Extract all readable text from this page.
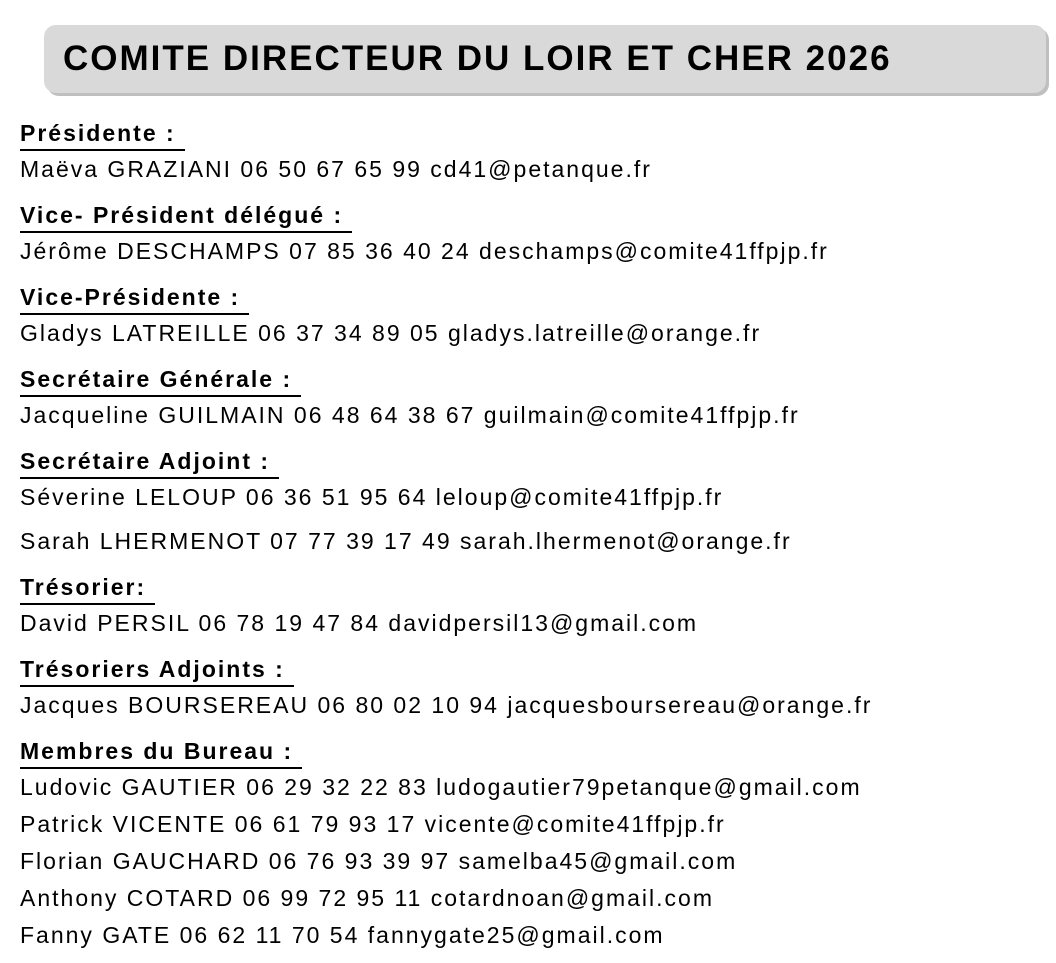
COMITE DIRECTEUR DU LOIR ET CHER 2026
Présidente :

Maëva GRAZIANI 06 50 67 65 99 cd41@petanque.fr

Vice- Président délégué :

Jérôme DESCHAMPS 07 85 36 40 24 deschamps@comite41ffpjp.fr

Vice-Présidente :

Gladys LATREILLE 06 37 34 89 05 gladys.latreille@orange.fr

Secrétaire Générale :

Jacqueline GUILMAIN 06 48 64 38 67 guilmain@comite41ffpjp.fr

Secrétaire Adjoint :

Séverine LELOUP 06 36 51 95 64 leloup@comite41ffpjp.fr

Sarah LHERMENOT 07 77 39 17 49 sarah.lhermenot@orange.fr

Trésorier:

David PERSIL 06 78 19 47 84 davidpersil13@gmail.com

Trésoriers Adjoints :

Jacques BOURSEREAU 06 80 02 10 94 jacquesboursereau@orange.fr

Membres du Bureau :

Ludovic GAUTIER 06 29 32 22 83 ludogautier79petanque@gmail.com

Patrick VICENTE 06 61 79 93 17 vicente@comite41ffpjp.fr

Florian GAUCHARD 06 76 93 39 97 samelba45@gmail.com

Anthony COTARD 06 99 72 95 11 cotardnoan@gmail.com

Fanny GATE 06 62 11 70 54 fannygate25@gmail.com
